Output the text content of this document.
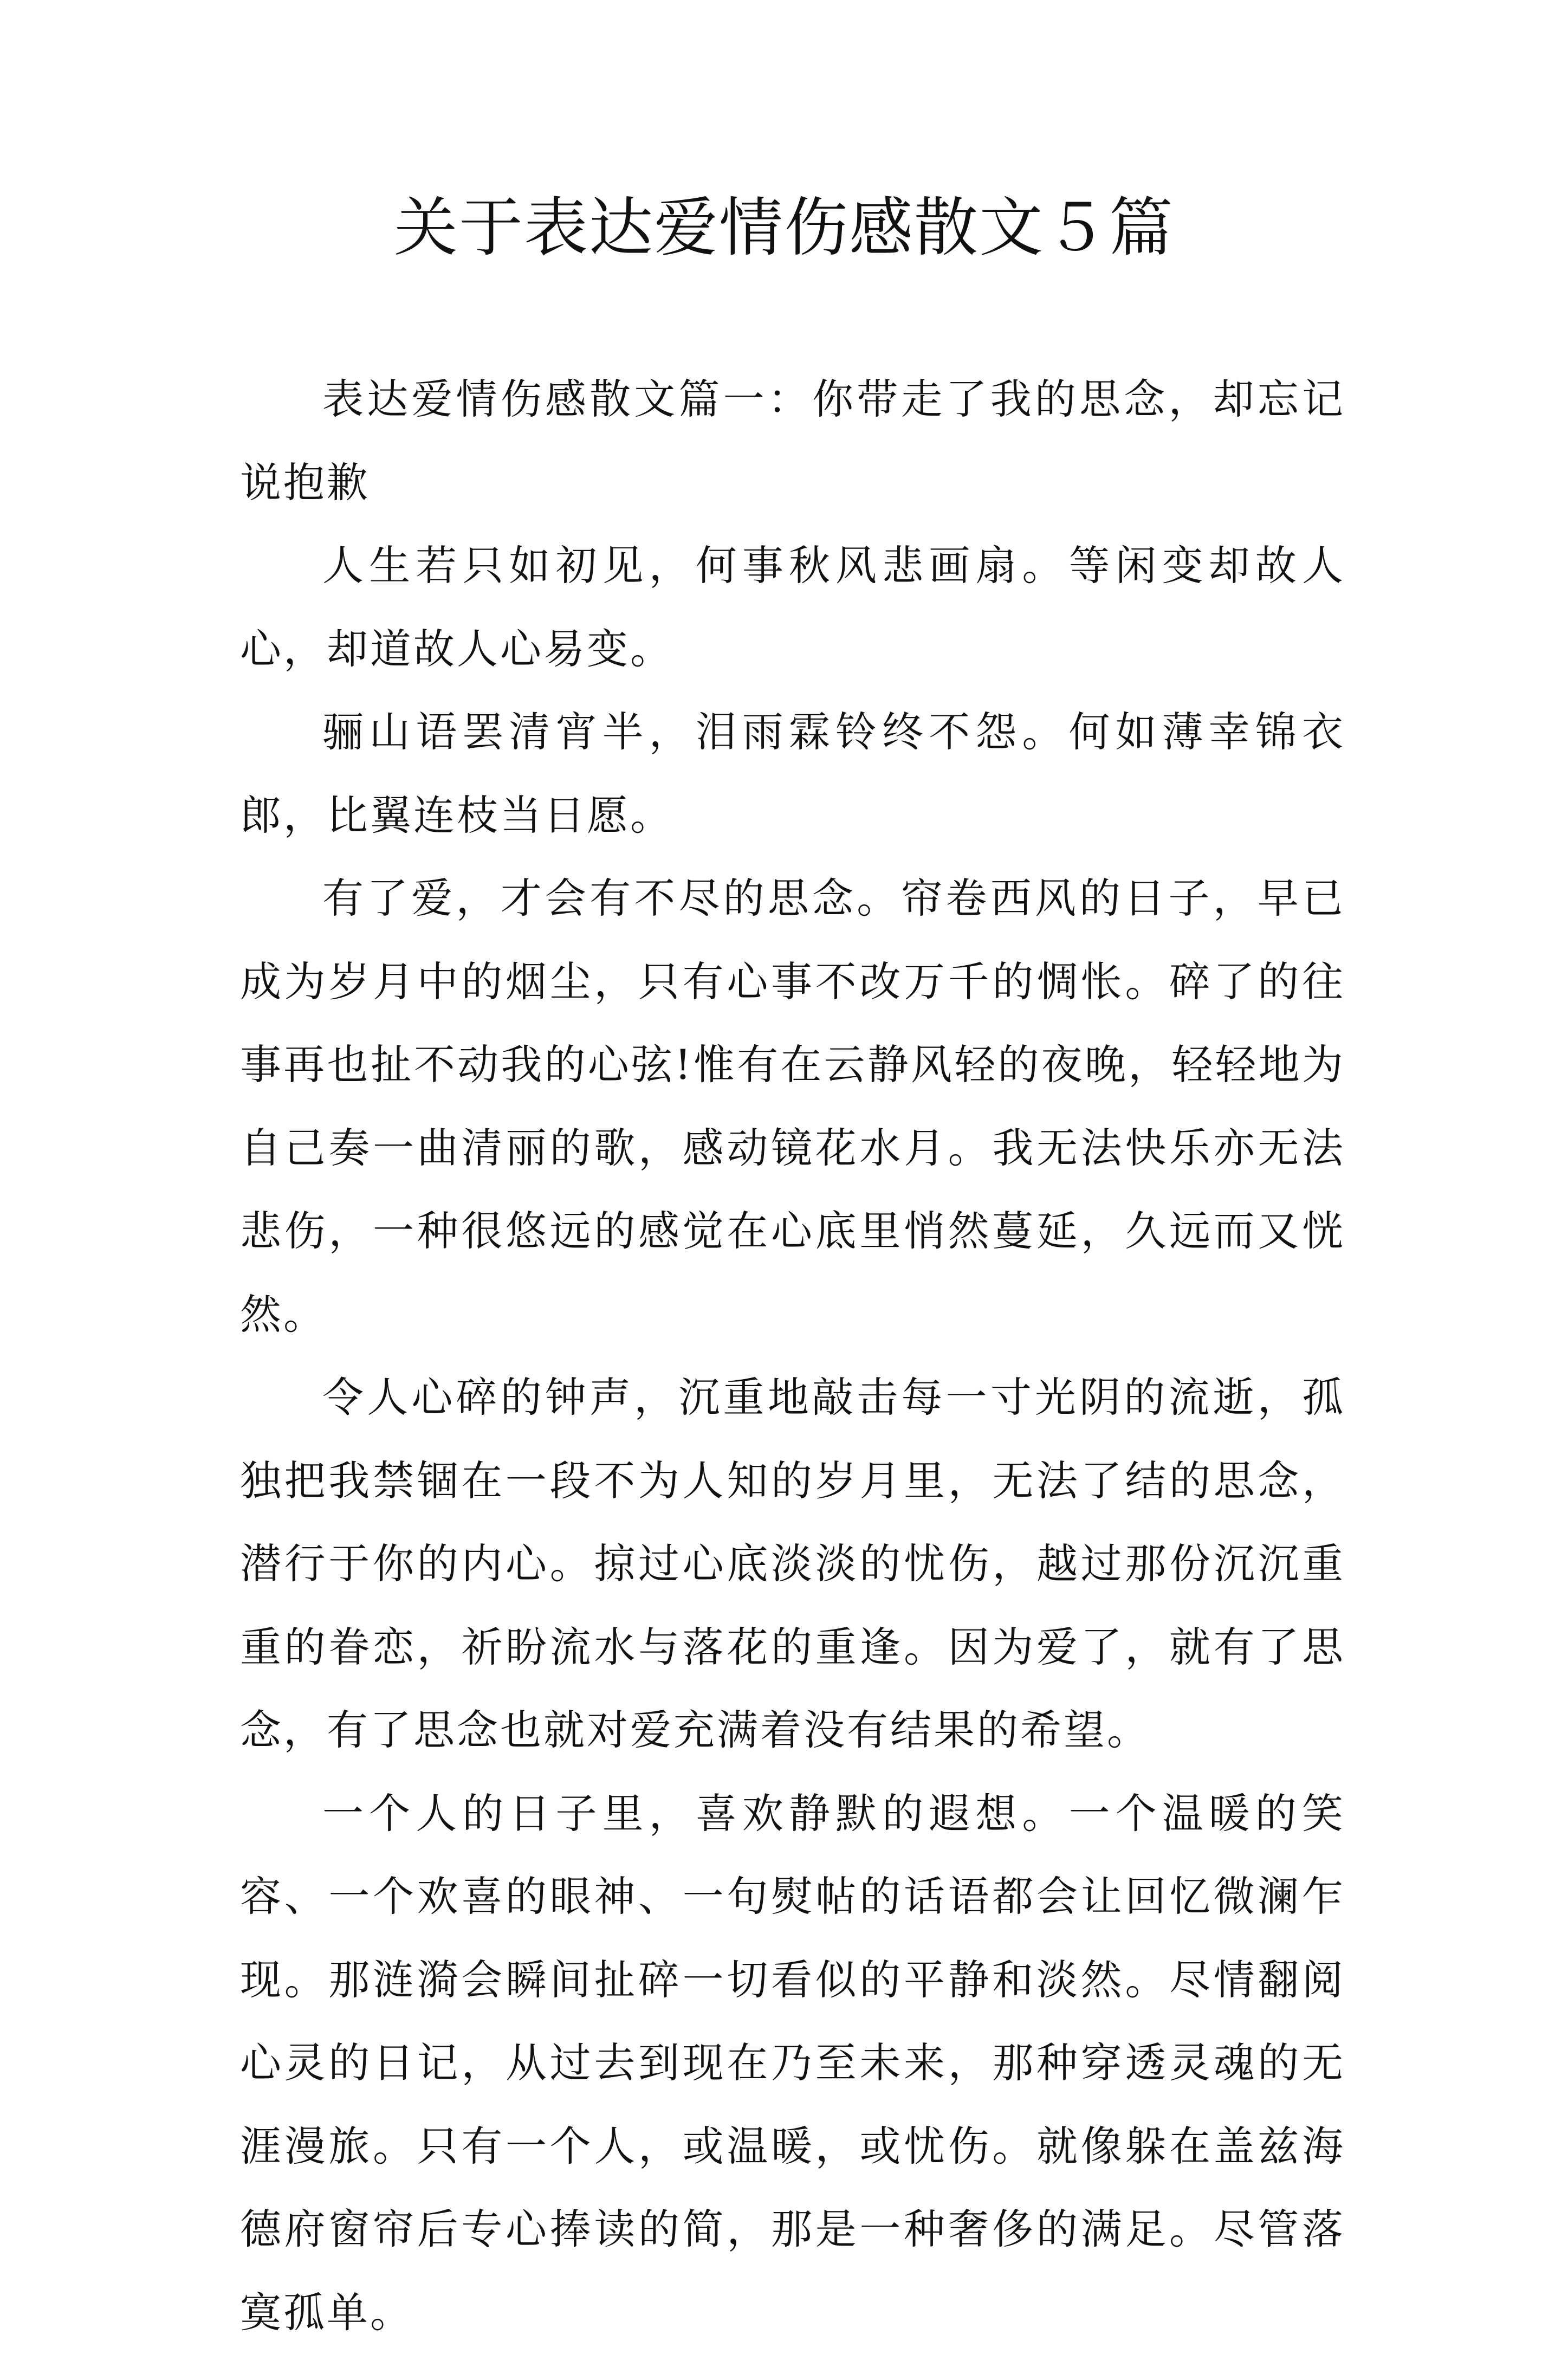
关于表达爱情伤感散文５篇

表达爱情伤感散文篇一：你带走了我的思念，却忘记说抱歉

人生若只如初见，何事秋风悲画扇。等闲变却故人心，却道故人心易变。

骊山语罢清宵半，泪雨霖铃终不怨。何如薄幸锦衣郎，比翼连枝当日愿。

有了爱，才会有不尽的思念。帘卷西风的日子，早已成为岁月中的烟尘，只有心事不改万千的惆怅。碎了的往事再也扯不动我的心弦!惟有在云静风轻的夜晚，轻轻地为自己奏一曲清丽的歌，感动镜花水月。我无法快乐亦无法悲伤，一种很悠远的感觉在心底里悄然蔓延，久远而又恍然。

令人心碎的钟声，沉重地敲击每一寸光阴的流逝，孤独把我禁锢在一段不为人知的岁月里，无法了结的思念，潜行于你的内心。掠过心底淡淡的忧伤，越过那份沉沉重重的眷恋，祈盼流水与落花的重逢。因为爱了，就有了思念，有了思念也就对爱充满着没有结果的希望。

一个人的日子里，喜欢静默的遐想。一个温暖的笑容、一个欢喜的眼神、一句熨帖的话语都会让回忆微澜乍现。那涟漪会瞬间扯碎一切看似的平静和淡然。尽情翻阅心灵的日记，从过去到现在乃至未来，那种穿透灵魂的无涯漫旅。只有一个人，或温暖，或忧伤。就像躲在盖兹海德府窗帘后专心捧读的简，那是一种奢侈的满足。尽管落寞孤单。
